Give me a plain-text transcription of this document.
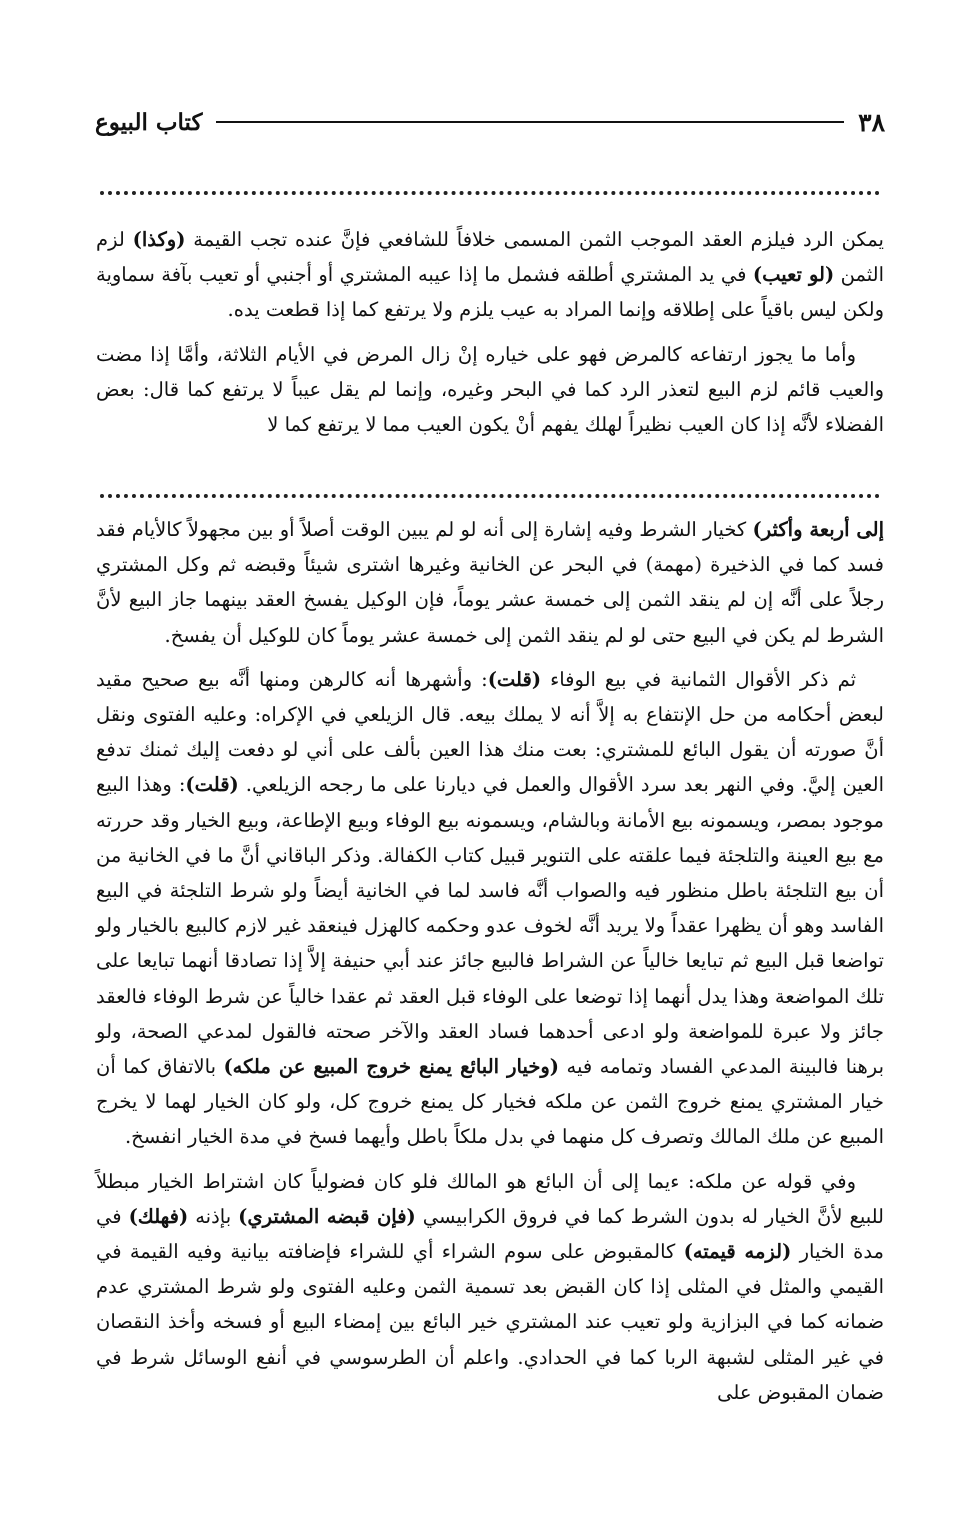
٣٨
كتاب البيوع

يمكن الرد فيلزم العقد الموجب الثمن المسمى خلافاً للشافعي فإنَّ عنده تجب القيمة (وكذا) لزم الثمن (لو تعيب) في يد المشتري أطلقه فشمل ما إذا عيبه المشتري أو أجنبي أو تعيب بآفة سماوية ولكن ليس باقياً على إطلاقه وإنما المراد به عيب يلزم ولا يرتفع كما إذا قطعت يده.

وأما ما يجوز ارتفاعه كالمرض فهو على خياره إنْ زال المرض في الأيام الثلاثة، وأمَّا إذا مضت والعيب قائم لزم البيع لتعذر الرد كما في البحر وغيره، وإنما لم يقل عيباً لا يرتفع كما قال: بعض الفضلاء لأنَّه إذا كان العيب نظيراً لهلك يفهم أنْ يكون العيب مما لا يرتفع كما لا

إلى أربعة وأكثر) كخيار الشرط وفيه إشارة إلى أنه لو لم يبين الوقت أصلاً أو بين مجهولاً كالأيام فقد فسد كما في الذخيرة (مهمة) في البحر عن الخانية وغيرها اشترى شيئاً وقبضه ثم وكل المشتري رجلاً على أنَّه إن لم ينقد الثمن إلى خمسة عشر يوماً، فإن الوكيل يفسخ العقد بينهما جاز البيع لأنَّ الشرط لم يكن في البيع حتى لو لم ينقد الثمن إلى خمسة عشر يوماً كان للوكيل أن يفسخ.

ثم ذكر الأقوال الثمانية في بيع الوفاء (قلت): وأشهرها أنه كالرهن ومنها أنَّه بيع صحيح مقيد لبعض أحكامه من حل الإنتفاع به إلاَّ أنه لا يملك بيعه. قال الزيلعي في الإكراه: وعليه الفتوى ونقل أنَّ صورته أن يقول البائع للمشتري: بعت منك هذا العين بألف على أني لو دفعت إليك ثمنك تدفع العين إليَّ. وفي النهر بعد سرد الأقوال والعمل في ديارنا على ما رجحه الزيلعي. (قلت): وهذا البيع موجود بمصر، ويسمونه بيع الأمانة وبالشام، ويسمونه بيع الوفاء وبيع الإطاعة، وبيع الخيار وقد حررته مع بيع العينة والتلجئة فيما علقته على التنوير قبيل كتاب الكفالة. وذكر الباقاني أنَّ ما في الخانية من أن بيع التلجئة باطل منظور فيه والصواب أنَّه فاسد لما في الخانية أيضاً ولو شرط التلجئة في البيع الفاسد وهو أن يظهرا عقداً ولا يريد أنَّه لخوف عدو وحكمه كالهزل فينعقد غير لازم كالبيع بالخيار ولو تواضعا قبل البيع ثم تبايعا خالياً عن الشراط فالبيع جائز عند أبي حنيفة إلاَّ إذا تصادقا أنهما تبايعا على تلك المواضعة وهذا يدل أنهما إذا توضعا على الوفاء قبل العقد ثم عقدا خالياً عن شرط الوفاء فالعقد جائز ولا عبرة للمواضعة ولو ادعى أحدهما فساد العقد والآخر صحته فالقول لمدعي الصحة، ولو برهنا فالبينة المدعي الفساد وتمامه فيه (وخيار البائع يمنع خروج المبيع عن ملكه) بالاتفاق كما أن خيار المشتري يمنع خروج الثمن عن ملكه فخيار كل يمنع خروج كل، ولو كان الخيار لهما لا يخرج المبيع عن ملك المالك وتصرف كل منهما في بدل ملكاً باطل وأيهما فسخ في مدة الخيار انفسخ.

وفي قوله عن ملكه: ءيما إلى أن البائع هو المالك فلو كان فضولياً كان اشتراط الخيار مبطلاً للبيع لأنَّ الخيار له بدون الشرط كما في فروق الكرابيسي (فإن قبضه المشتري) بإذنه (فهلك) في مدة الخيار (لزمه قيمته) كالمقبوض على سوم الشراء أي للشراء فإضافته بيانية وفيه القيمة في القيمي والمثل في المثلى إذا كان القبض بعد تسمية الثمن وعليه الفتوى ولو شرط المشتري عدم ضمانه كما في البزازية ولو تعيب عند المشتري خير البائع بين إمضاء البيع أو فسخه وأخذ النقصان في غير المثلى لشبهة الربا كما في الحدادي. واعلم أن الطرسوسي في أنفع الوسائل شرط في ضمان المقبوض على
